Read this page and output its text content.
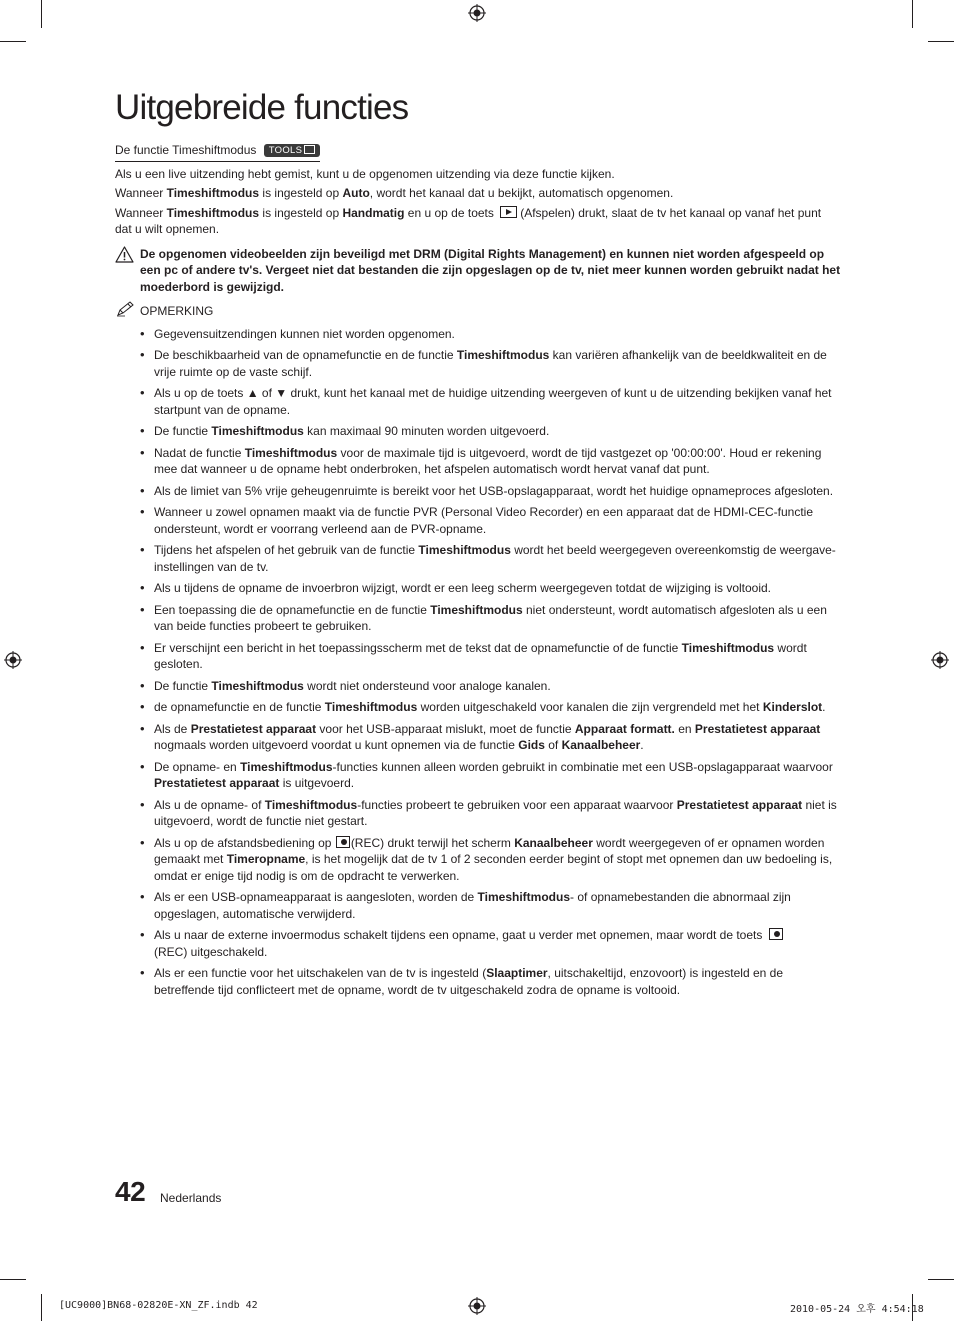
Uitgebreide functies
De functie Timeshiftmodus TOOLS

Als u een live uitzending hebt gemist, kunt u de opgenomen uitzending via deze functie kijken.

Wanneer Timeshiftmodus is ingesteld op Auto, wordt het kanaal dat u bekijkt, automatisch opgenomen.

Wanneer Timeshiftmodus is ingesteld op Handmatig en u op de toets (Afspelen) drukt, slaat de tv het kanaal op vanaf het punt dat u wilt opnemen.

De opgenomen videobeelden zijn beveiligd met DRM (Digital Rights Management) en kunnen niet worden afgespeeld op een pc of andere tv's. Vergeet niet dat bestanden die zijn opgeslagen op de tv, niet meer kunnen worden gebruikt nadat het moederbord is gewijzigd.
OPMERKING
• Gegevensuitzendingen kunnen niet worden opgenomen.
• De beschikbaarheid van de opnamefunctie en de functie Timeshiftmodus kan variëren afhankelijk van de beeldkwaliteit en de vrije ruimte op de vaste schijf.
• Als u op de toets ▲ of ▼ drukt, kunt het kanaal met de huidige uitzending weergeven of kunt u de uitzending bekijken vanaf het startpunt van de opname.
• De functie Timeshiftmodus kan maximaal 90 minuten worden uitgevoerd.
• Nadat de functie Timeshiftmodus voor de maximale tijd is uitgevoerd, wordt de tijd vastgezet op '00:00:00'. Houd er rekening mee dat wanneer u de opname hebt onderbroken, het afspelen automatisch wordt hervat vanaf dat punt.
• Als de limiet van 5% vrije geheugenruimte is bereikt voor het USB-opslagapparaat, wordt het huidige opnameproces afgesloten.
• Wanneer u zowel opnamen maakt via de functie PVR (Personal Video Recorder) en een apparaat dat de HDMI-CEC-functie ondersteunt, wordt er voorrang verleend aan de PVR-opname.
• Tijdens het afspelen of het gebruik van de functie Timeshiftmodus wordt het beeld weergegeven overeenkomstig de weergave-instellingen van de tv.
• Als u tijdens de opname de invoerbron wijzigt, wordt er een leeg scherm weergegeven totdat de wijziging is voltooid.
• Een toepassing die de opnamefunctie en de functie Timeshiftmodus niet ondersteunt, wordt automatisch afgesloten als u een van beide functies probeert te gebruiken.
• Er verschijnt een bericht in het toepassingsscherm met de tekst dat de opnamefunctie of de functie Timeshiftmodus wordt gesloten.
• De functie Timeshiftmodus wordt niet ondersteund voor analoge kanalen.
• de opnamefunctie en de functie Timeshiftmodus worden uitgeschakeld voor kanalen die zijn vergrendeld met het Kinderslot.
• Als de Prestatietest apparaat voor het USB-apparaat mislukt, moet de functie Apparaat formatt. en Prestatietest apparaat nogmaals worden uitgevoerd voordat u kunt opnemen via de functie Gids of Kanaalbeheer.
• De opname- en Timeshiftmodus-functies kunnen alleen worden gebruikt in combinatie met een USB-opslagapparaat waarvoor Prestatietest apparaat is uitgevoerd.
• Als u de opname- of Timeshiftmodus-functies probeert te gebruiken voor een apparaat waarvoor Prestatietest apparaat niet is uitgevoerd, wordt de functie niet gestart.
• Als u op de afstandsbediening op (REC) drukt terwijl het scherm Kanaalbeheer wordt weergegeven of er opnamen worden gemaakt met Timeropname, is het mogelijk dat de tv 1 of 2 seconden eerder begint of stopt met opnemen dan uw bedoeling is, omdat er enige tijd nodig is om de opdracht te verwerken.
• Als er een USB-opnameapparaat is aangesloten, worden de Timeshiftmodus- of opnamebestanden die abnormaal zijn opgeslagen, automatische verwijderd.
• Als u naar de externe invoermodus schakelt tijdens een opname, gaat u verder met opnemen, maar wordt de toets
(REC) uitgeschakeld.
• Als er een functie voor het uitschakelen van de tv is ingesteld (Slaaptimer, uitschakeltijd, enzovoort) is ingesteld en de betreffende tijd conflicteert met de opname, wordt de tv uitgeschakeld zodra de opname is voltooid.
42 Nederlands
[UC9000]BN68-02820E-XN_ZF.indb 42	2010-05-24 오후 4:54:18
